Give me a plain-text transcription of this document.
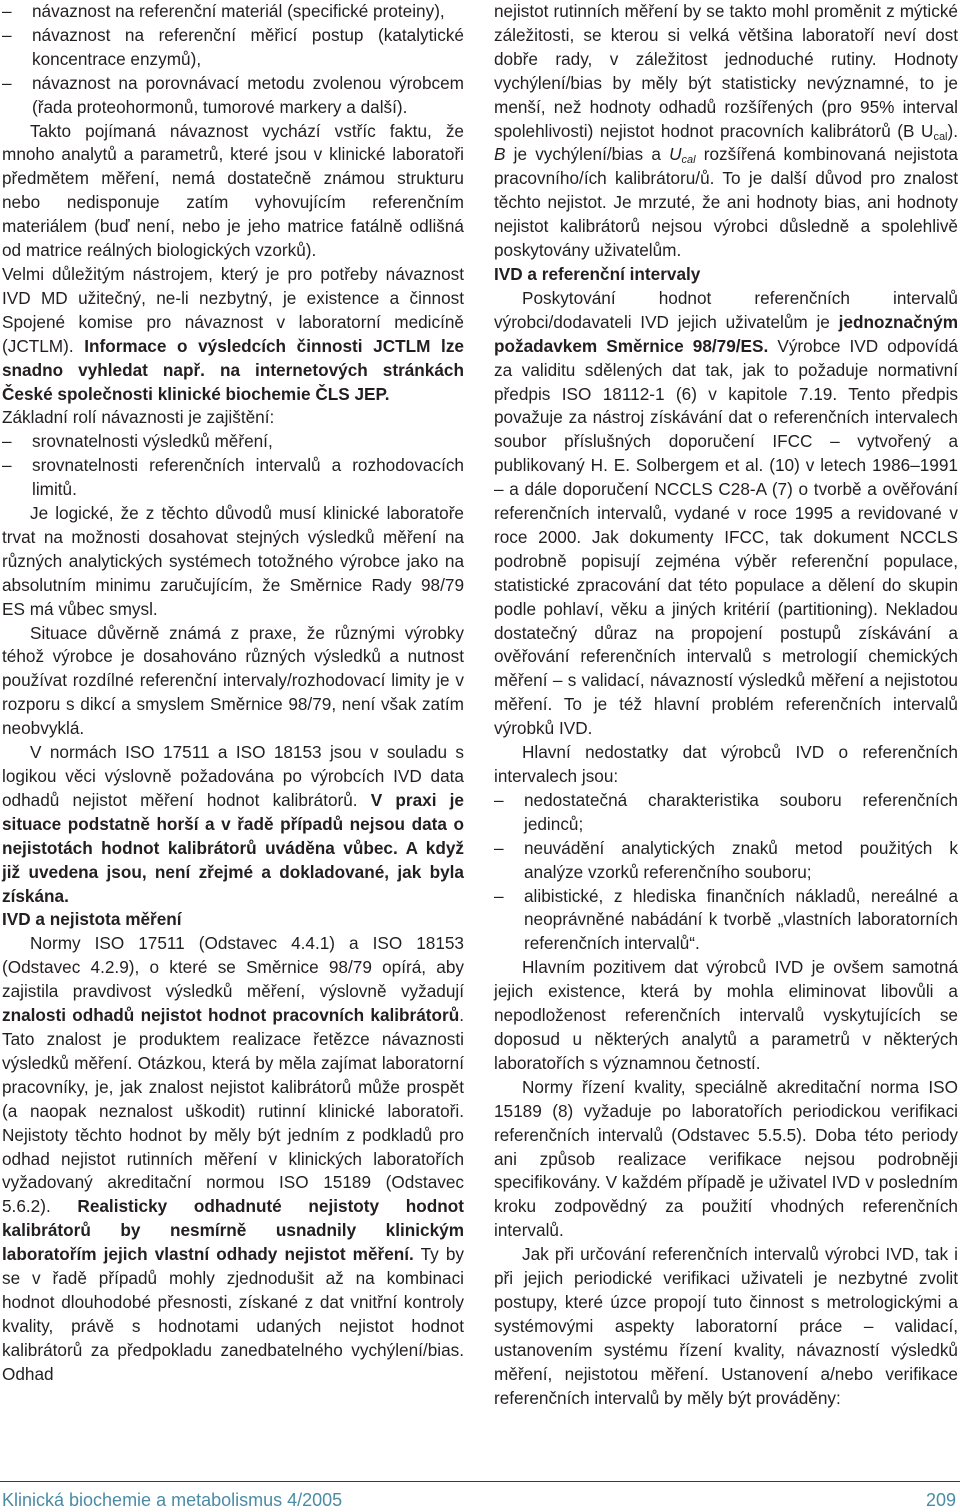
– návaznost na referenční materiál (specifické proteiny),
– návaznost na referenční měřicí postup (katalytické koncentrace enzymů),
– návaznost na porovnávací metodu zvolenou výrobcem (řada proteohormonů, tumorové markery a další).

Takto pojímaná návaznost vychází vstříc faktu, že mnoho analytů a parametrů, které jsou v klinické laboratoři předmětem měření, nemá dostatečně známou strukturu nebo nedisponuje zatím vyhovujícím referenčním materiálem (buď není, nebo je jeho matrice fatálně odlišná od matrice reálných biologických vzorků).

Velmi důležitým nástrojem, který je pro potřeby návaznost IVD MD užitečný, ne-li nezbytný, je existence a činnost Spojené komise pro návaznost v laboratorní medicíně (JCTLM). Informace o výsledcích činnosti JCTLM lze snadno vyhledat např. na internetových stránkách České společnosti klinické biochemie ČLS JEP.

Základní rolí návaznosti je zajištění:

– srovnatelnosti výsledků měření,
– srovnatelnosti referenčních intervalů a rozhodovacích limitů.

Je logické, že z těchto důvodů musí klinické laboratoře trvat na možnosti dosahovat stejných výsledků měření na různých analytických systémech totožného výrobce jako na absolutním minimu zaručujícím, že Směrnice Rady 98/79 ES má vůbec smysl.

Situace důvěrně známá z praxe, že různými výrobky téhož výrobce je dosahováno různých výsledků a nutnost používat rozdílné referenční intervaly/rozhodovací limity je v rozporu s dikcí a smyslem Směrnice 98/79, není však zatím neobvyklá.

V normách ISO 17511 a ISO 18153 jsou v souladu s logikou věci výslovně požadována po výrobcích IVD data odhadů nejistot měření hodnot kalibrátorů. V praxi je situace podstatně horší a v řadě případů nejsou data o nejistotách hodnot kalibrátorů uváděna vůbec. A když již uvedena jsou, není zřejmé a dokladované, jak byla získána.

IVD a nejistota měření

Normy ISO 17511 (Odstavec 4.4.1) a ISO 18153 (Odstavec 4.2.9), o které se Směrnice 98/79 opírá, aby zajistila pravdivost výsledků měření, výslovně vyžadují znalosti odhadů nejistot hodnot pracovních kalibrátorů. Tato znalost je produktem realizace řetězce návaznosti výsledků měření. Otázkou, která by měla zajímat laboratorní pracovníky, je, jak znalost nejistot kalibrátorů může prospět (a naopak neznalost uškodit) rutinní klinické laboratoři. Nejistoty těchto hodnot by měly být jedním z podkladů pro odhad nejistot rutinních měření v klinických laboratořích vyžadovaný akreditační normou ISO 15189 (Odstavec 5.6.2). Realisticky odhadnuté nejistoty hodnot kalibrátorů by nesmírně usnadnily klinickým laboratořím jejich vlastní odhady nejistot měření. Ty by se v řadě případů mohly zjednodušit až na kombinaci hodnot dlouhodobé přesnosti, získané z dat vnitřní kontroly kvality, právě s hodnotami udaných nejistot hodnot kalibrátorů za předpokladu zanedbatelného vychýlení/bias. Odhad

nejistot rutinních měření by se takto mohl proměnit z mýtické záležitosti, se kterou si velká většina laboratoří neví dost dobře rady, v záležitost jednoduché rutiny. Hodnoty vychýlení/bias by měly být statisticky nevýznamné, to je menší, než hodnoty odhadů rozšířených (pro 95% interval spolehlivosti) nejistot hodnot pracovních kalibrátorů (B $U_{cal}$). B je vychýlení/bias a $U_{cal}$ rozšířená kombinovaná nejistota pracovního/ích kalibrátoru/ů. To je další důvod pro znalost těchto nejistot. Je mrzuté, že ani hodnoty bias, ani hodnoty nejistot kalibrátorů nejsou výrobci důsledně a spolehlivě poskytovány uživatelům.

IVD a referenční intervaly

Poskytování hodnot referenčních intervalů výrobci/dodavateli IVD jejich uživatelům je jednoznačným požadavkem Směrnice 98/79/ES. Výrobce IVD odpovídá za validitu sdělených dat tak, jak to požaduje normativní předpis ISO 18112-1 (6) v kapitole 7.19. Tento předpis považuje za nástroj získávání dat o referenčních intervalech soubor příslušných doporučení IFCC – vytvořený a publikovaný H. E. Solbergem et al. (10) v letech 1986–1991 – a dále doporučení NCCLS C28-A (7) o tvorbě a ověřování referenčních intervalů, vydané v roce 1995 a revidované v roce 2000. Jak dokumenty IFCC, tak dokument NCCLS podrobně popisují zejména výběr referenční populace, statistické zpracování dat této populace a dělení do skupin podle pohlaví, věku a jiných kritérií (partitioning). Nekladou dostatečný důraz na propojení postupů získávání a ověřování referenčních intervalů s metrologií chemických měření – s validací, návazností výsledků měření a nejistotou měření. To je též hlavní problém referenčních intervalů výrobků IVD.

Hlavní nedostatky dat výrobců IVD o referenčních intervalech jsou:

– nedostatečná charakteristika souboru referenčních jedinců;
– neuvádění analytických znaků metod použitých k analýze vzorků referenčního souboru;
– alibistické, z hlediska finančních nákladů, nereálné a neoprávněné nabádání k tvorbě „vlastních laboratorních referenčních intervalů“.

Hlavním pozitivem dat výrobců IVD je ovšem samotná jejich existence, která by mohla eliminovat libovůli a nepodloženost referenčních intervalů vyskytujících se doposud u některých analytů a parametrů v některých laboratořích s významnou četností.

Normy řízení kvality, speciálně akreditační norma ISO 15189 (8) vyžaduje po laboratořích periodickou verifikaci referenčních intervalů (Odstavec 5.5.5). Doba této periody ani způsob realizace verifikace nejsou podrobněji specifikovány. V každém případě je uživatel IVD v posledním kroku zodpovědný za použití vhodných referenčních intervalů.

Jak při určování referenčních intervalů výrobci IVD, tak i při jejich periodické verifikaci uživateli je nezbytné zvolit postupy, které úzce propojí tuto činnost s metrologickými a systémovými aspekty laboratorní práce – validací, ustanovením systému řízení kvality, návazností výsledků měření, nejistotou měření. Ustanovení a/nebo verifikace referenčních intervalů by měly být prováděny:

Klinická biochemie a metabolismus 4/2005	209
